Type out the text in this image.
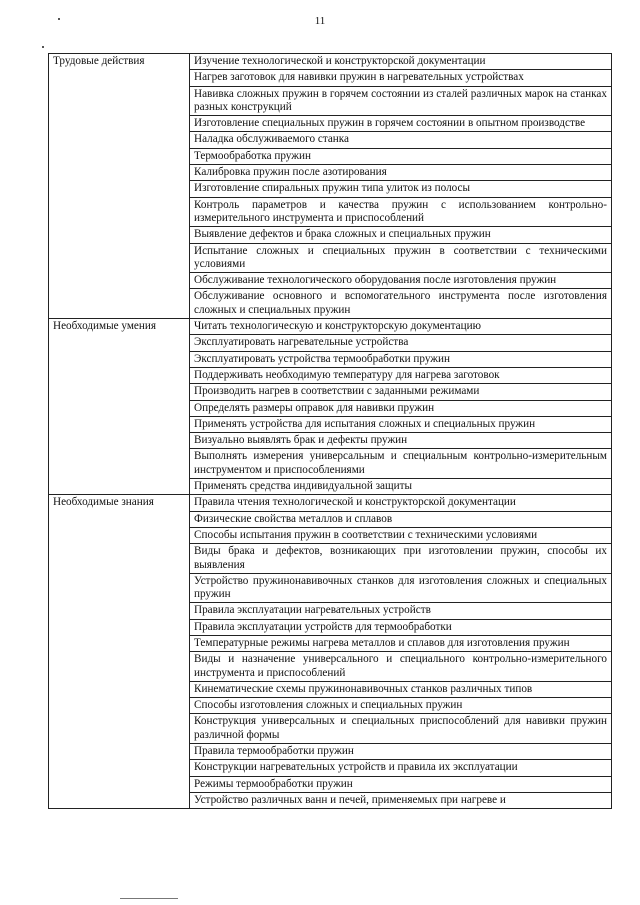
11
Трудовые действия	Изучение технологической и конструкторской документации

	Нагрев заготовок для навивки пружин в нагревательных устройствах

	Навивка сложных пружин в горячем состоянии из сталей различных марок на станках разных конструкций

	Изготовление специальных пружин в горячем состоянии в опытном производстве

	Наладка обслуживаемого станка

	Термообработка пружин

	Калибровка пружин после азотирования

	Изготовление спиральных пружин типа улиток из полосы

	Контроль параметров и качества пружин с использованием контрольно-измерительного инструмента и приспособлений

	Выявление дефектов и брака сложных и специальных пружин

	Испытание сложных и специальных пружин в соответствии с техническими условиями

	Обслуживание технологического оборудования после изготовления пружин

	Обслуживание основного и вспомогательного инструмента после изготовления сложных и специальных пружин

Необходимые умения	Читать технологическую и конструкторскую документацию

	Эксплуатировать нагревательные устройства

	Эксплуатировать устройства термообработки пружин

	Поддерживать необходимую температуру для нагрева заготовок

	Производить нагрев в соответствии с заданными режимами

	Определять размеры оправок для навивки пружин

	Применять устройства для испытания сложных и специальных пружин

	Визуально выявлять брак и дефекты пружин

	Выполнять измерения универсальным и специальным контрольно-измерительным инструментом и приспособлениями

	Применять средства индивидуальной защиты

Необходимые знания	Правила чтения технологической и конструкторской документации

	Физические свойства металлов и сплавов

	Способы испытания пружин в соответствии с техническими условиями

	Виды брака и дефектов, возникающих при изготовлении пружин, способы их выявления

	Устройство пружинонавивочных станков для изготовления сложных и специальных пружин

	Правила эксплуатации нагревательных устройств

	Правила эксплуатации устройств для термообработки

	Температурные режимы нагрева металлов и сплавов для изготовления пружин

	Виды и назначение универсального и специального контрольно-измерительного инструмента и приспособлений

	Кинематические схемы пружинонавивочных станков различных типов

	Способы изготовления сложных и специальных пружин

	Конструкция универсальных и специальных приспособлений для навивки пружин различной формы

	Правила термообработки пружин

	Конструкции нагревательных устройств и правила их эксплуатации

	Режимы термообработки пружин

	Устройство различных ванн и печей, применяемых при нагреве и
